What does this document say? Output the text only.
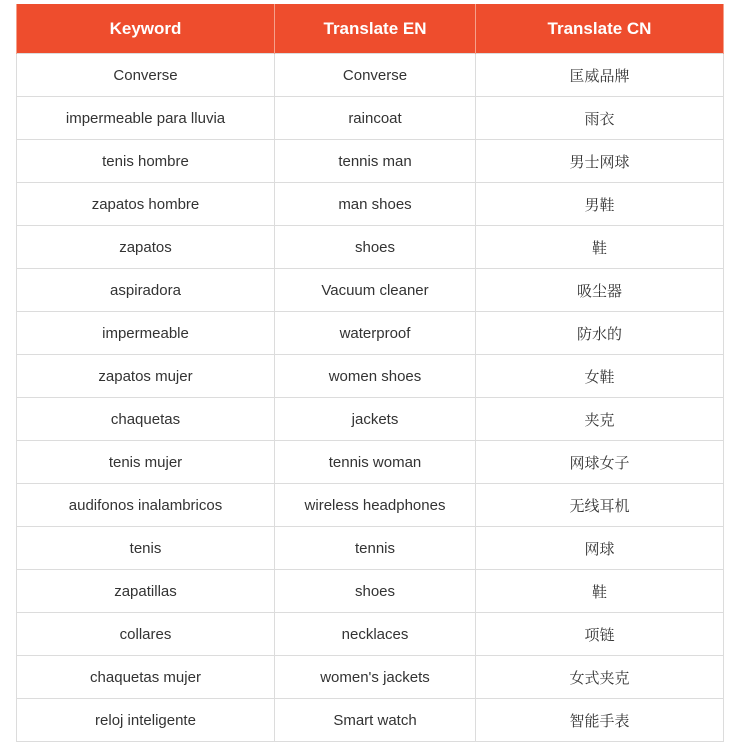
Keyword	Translate EN	Translate CN
Converse	Converse	匡威品牌
impermeable para lluvia	raincoat	雨衣
tenis hombre	tennis man	男士网球
zapatos hombre	man shoes	男鞋
zapatos	shoes	鞋
aspiradora	Vacuum cleaner	吸尘器
impermeable	waterproof	防水的
zapatos mujer	women shoes	女鞋
chaquetas	jackets	夹克
tenis mujer	tennis woman	网球女子
audifonos inalambricos	wireless headphones	无线耳机
tenis	tennis	网球
zapatillas	shoes	鞋
collares	necklaces	项链
chaquetas mujer	women's jackets	女式夹克
reloj inteligente	Smart watch	智能手表
